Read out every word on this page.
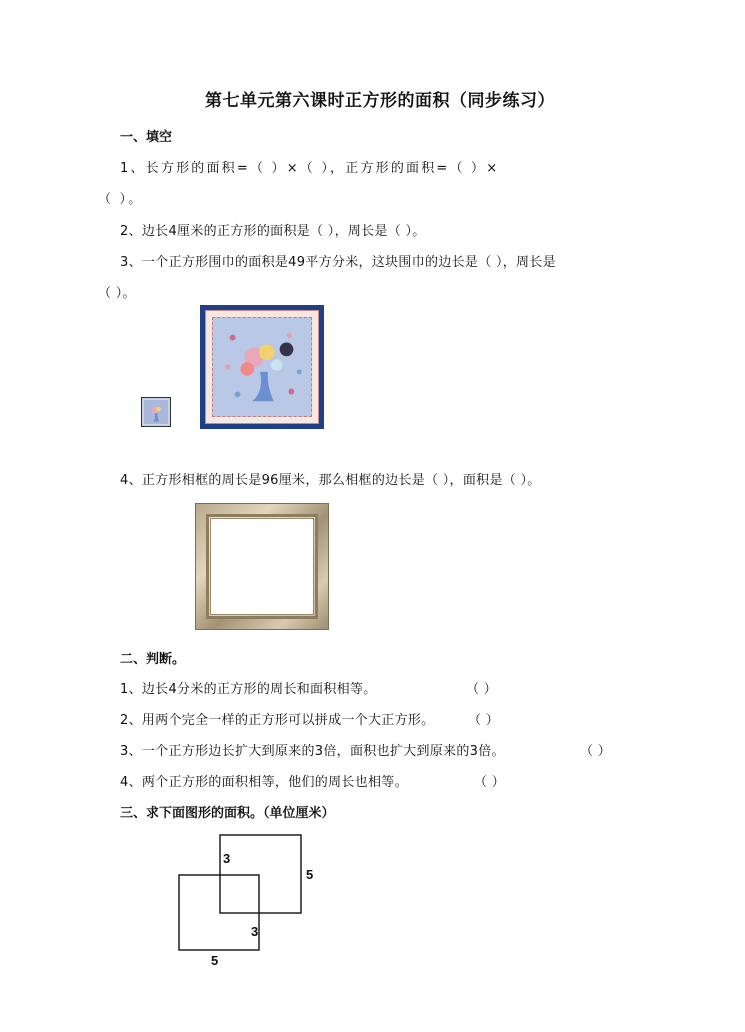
第七单元第六课时正方形的面积（同步练习）
一、填空
1、长方形的面积=（ ）×（ ），正方形的面积=（ ）×
（ ）。
2、边长4厘米的正方形的面积是（ ），周长是（ ）。
3、一个正方形围巾的面积是49平方分米，这块围巾的边长是（ ），周长是
（ ）。
4、正方形相框的周长是96厘米，那么相框的边长是（ ），面积是（ ）。
二、判断。
1、边长4分米的正方形的周长和面积相等。	（ ）
2、用两个完全一样的正方形可以拼成一个大正方形。	（ ）
3、一个正方形边长扩大到原来的3倍，面积也扩大到原来的3倍。	（ ）
4、两个正方形的面积相等，他们的周长也相等。	（ ）
三、求下面图形的面积。（单位厘米）
3
5
3
5
